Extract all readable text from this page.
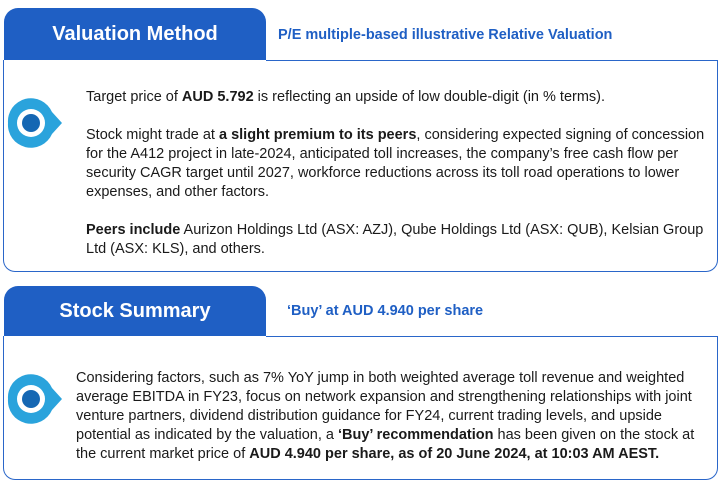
Valuation Method	P/E multiple-based illustrative Relative Valuation

Target price of AUD 5.792 is reflecting an upside of low double-digit (in % terms).

Stock might trade at a slight premium to its peers, considering expected signing of concession for the A412 project in late-2024, anticipated toll increases, the company’s free cash flow per security CAGR target until 2027, workforce reductions across its toll road operations to lower expenses, and other factors.

Peers include Aurizon Holdings Ltd (ASX: AZJ), Qube Holdings Ltd (ASX: QUB), Kelsian Group Ltd (ASX: KLS), and others.

Stock Summary	‘Buy’ at AUD 4.940 per share

Considering factors, such as 7% YoY jump in both weighted average toll revenue and weighted average EBITDA in FY23, focus on network expansion and strengthening relationships with joint venture partners, dividend distribution guidance for FY24, current trading levels, and upside potential as indicated by the valuation, a ‘Buy’ recommendation has been given on the stock at the current market price of AUD 4.940 per share, as of 20 June 2024, at 10:03 AM AEST.
